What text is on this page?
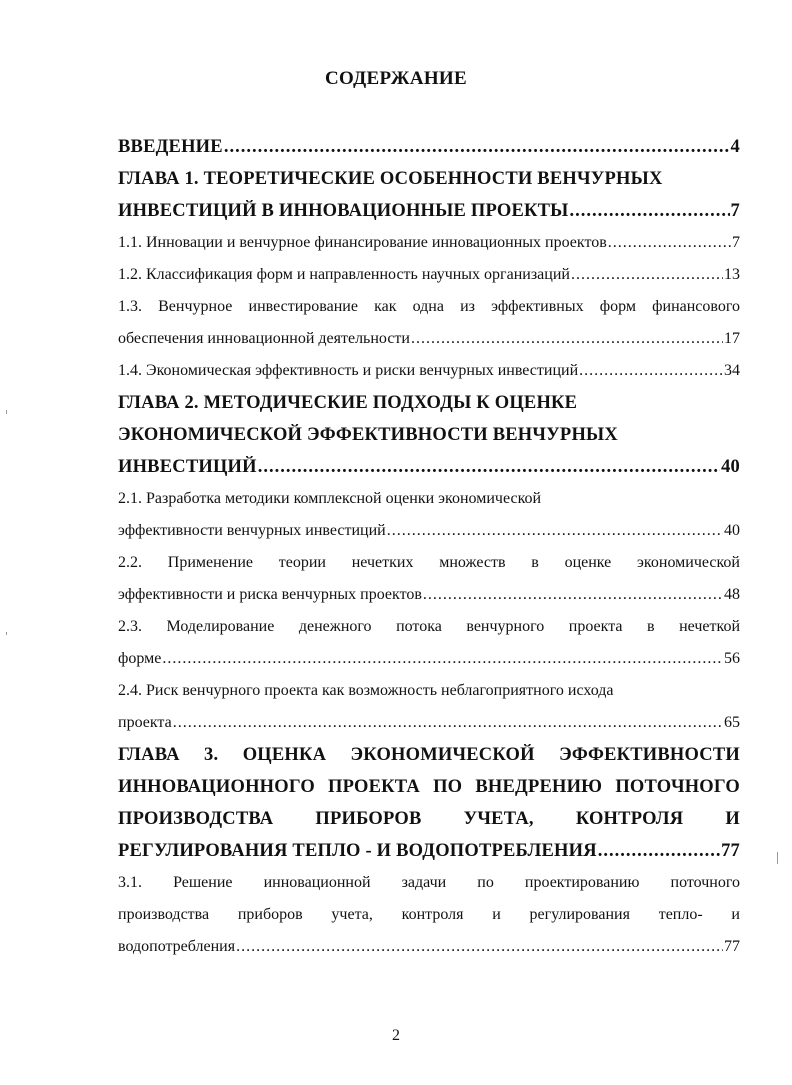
СОДЕРЖАНИЕ
ВВЕДЕНИЕ .....	4
ГЛАВА 1. ТЕОРЕТИЧЕСКИЕ ОСОБЕННОСТИ ВЕНЧУРНЫХ
ИНВЕСТИЦИЙ В ИННОВАЦИОННЫЕ ПРОЕКТЫ .....	7
1.1. Инновации и венчурное финансирование инновационных проектов .....	7
1.2. Классификация форм и направленность научных организаций .....	13
1.3. Венчурное инвестирование как одна из эффективных форм финансового
обеспечения инновационной деятельности .....	17
1.4. Экономическая эффективность и риски венчурных инвестиций .....	34
ГЛАВА 2. МЕТОДИЧЕСКИЕ ПОДХОДЫ К ОЦЕНКЕ
ЭКОНОМИЧЕСКОЙ ЭФФЕКТИВНОСТИ ВЕНЧУРНЫХ
ИНВЕСТИЦИЙ .....	40
2.1. Разработка методики комплексной оценки экономической
эффективности венчурных инвестиций .....	40
2.2. Применение теории нечетких множеств в оценке экономической
эффективности и риска венчурных проектов .....	48
2.3. Моделирование денежного потока венчурного проекта в нечеткой
форме .....	56
2.4. Риск венчурного проекта как возможность неблагоприятного исхода
проекта .....	65
ГЛАВА 3. ОЦЕНКА ЭКОНОМИЧЕСКОЙ ЭФФЕКТИВНОСТИ
ИННОВАЦИОННОГО ПРОЕКТА ПО ВНЕДРЕНИЮ ПОТОЧНОГО
ПРОИЗВОДСТВА ПРИБОРОВ УЧЕТА, КОНТРОЛЯ И
РЕГУЛИРОВАНИЯ ТЕПЛО - И ВОДОПОТРЕБЛЕНИЯ .....	77
3.1. Решение инновационной задачи по проектированию поточного
производства приборов учета, контроля и регулирования тепло- и
водопотребления .....	77
2
